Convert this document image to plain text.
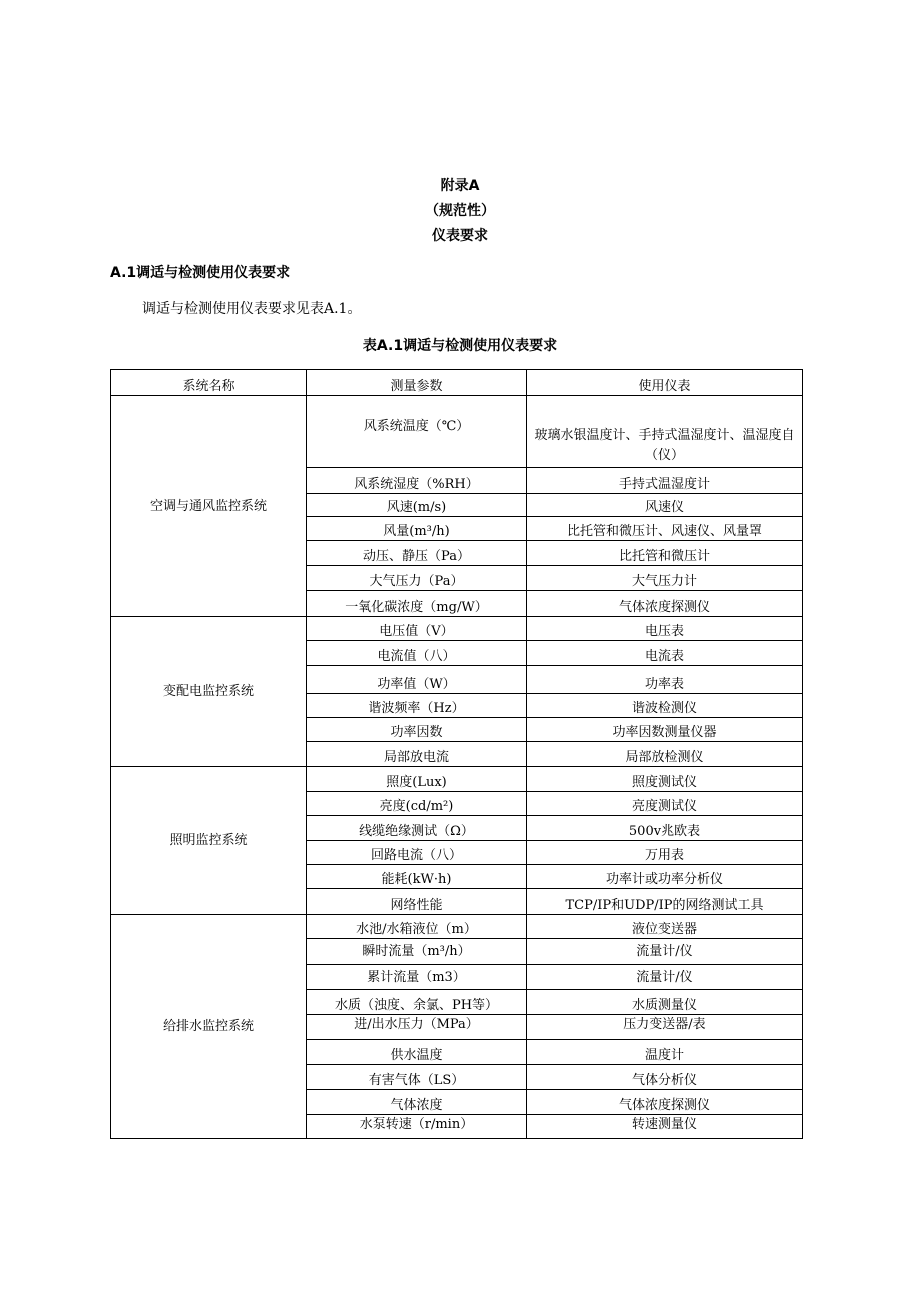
附录A
（规范性）
仪表要求
A.1调适与检测使用仪表要求
调适与检测使用仪表要求见表A.1。
表A.1调适与检测使用仪表要求
系统名称	测量参数	使用仪表
空调与通风监控系统	风系统温度（℃）	玻璃水银温度计、手持式温湿度计、温湿度自（仪）
	风系统湿度（%RH）	手持式温湿度计
	风速(m/s)	风速仪
	风量(m³/h)	比托管和微压计、风速仪、风量罩
	动压、静压（Pa）	比托管和微压计
	大气压力（Pa）	大气压力计
	一氧化碳浓度（mg/W）	气体浓度探测仪
变配电监控系统	电压值（V）	电压表
	电流值（八）	电流表
	功率值（W）	功率表
	谐波频率（Hz）	谐波检测仪
	功率因数	功率因数测量仪器
	局部放电流	局部放检测仪
照明监控系统	照度(Lux)	照度测试仪
	亮度(cd/m²)	亮度测试仪
	线缆绝缘测试（Ω）	500v兆欧表
	回路电流（八）	万用表
	能耗(kW·h)	功率计或功率分析仪
	网络性能	TCP/IP和UDP/IP的网络测试工具
给排水监控系统	水池/水箱液位（m）	液位变送器
	瞬时流量（m³/h）	流量计/仪
	累计流量（m3）	流量计/仪
	水质（浊度、余氯、PH等）	水质测量仪
	进/出水压力（MPa）	压力变送器/表
	供水温度	温度计
	有害气体（LS）	气体分析仪
	气体浓度	气体浓度探测仪
	水泵转速（r/min）	转速测量仪
